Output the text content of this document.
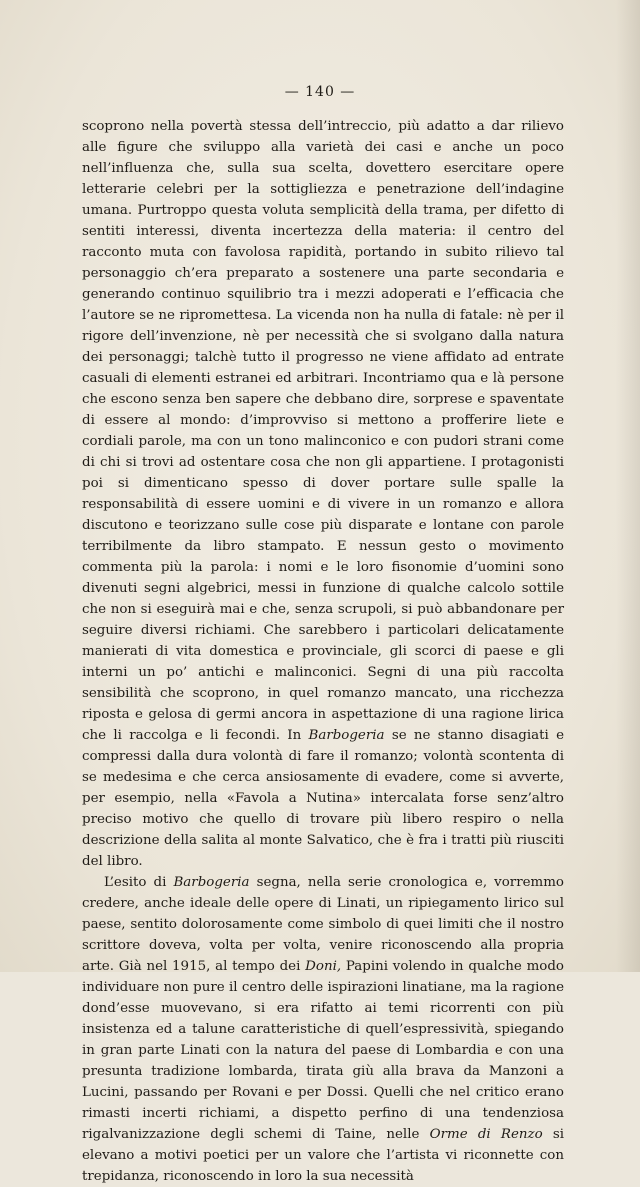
— 140 —

scoprono nella povertà stessa dell’intreccio, più adatto a dar rilievo alle figure che sviluppo alla varietà dei casi e anche un poco nell’influenza che, sulla sua scelta, dovettero esercitare opere letterarie celebri per la sottigliezza e penetrazione dell’indagine umana. Purtroppo questa voluta semplicità della trama, per difetto di sentiti interessi, diventa incertezza della materia: il centro del racconto muta con favolosa rapidità, portando in subito rilievo tal personaggio ch’era preparato a sostenere una parte secondaria e generando continuo squilibrio tra i mezzi adoperati e l’efficacia che l’autore se ne ripromettesa. La vicenda non ha nulla di fatale: nè per il rigore dell’invenzione, nè per necessità che si svolgano dalla natura dei personaggi; talchè tutto il progresso ne viene affidato ad entrate casuali di elementi estranei ed arbitrari. Incontriamo qua e là persone che escono senza ben sapere che debbano dire, sorprese e spaventate di essere al mondo: d’improvviso si mettono a profferire liete e cordiali parole, ma con un tono malinconico e con pudori strani come di chi si trovi ad ostentare cosa che non gli appartiene. I protagonisti poi si dimenticano spesso di dover portare sulle spalle la responsabilità di essere uomini e di vivere in un romanzo e allora discutono e teorizzano sulle cose più disparate e lontane con parole terribilmente da libro stampato. E nessun gesto o movimento commenta più la parola: i nomi e le loro fisonomie d’uomini sono divenuti segni algebrici, messi in funzione di qualche calcolo sottile che non si eseguirà mai e che, senza scrupoli, si può abbandonare per seguire diversi richiami. Che sarebbero i particolari delicatamente manierati di vita domestica e provinciale, gli scorci di paese e gli interni un po’ antichi e malinconici. Segni di una più raccolta sensibilità che scoprono, in quel romanzo mancato, una ricchezza riposta e gelosa di germi ancora in aspettazione di una ragione lirica che li raccolga e li fecondi. In Barbogeria se ne stanno disagiati e compressi dalla dura volontà di fare il romanzo; volontà scontenta di se medesima e che cerca ansiosamente di evadere, come si avverte, per esempio, nella «Favola a Nutina» intercalata forse senz’altro preciso motivo che quello di trovare più libero respiro o nella descrizione della salita al monte Salvatico, che è fra i tratti più riusciti del libro.

L’esito di Barbogeria segna, nella serie cronologica e, vorremmo credere, anche ideale delle opere di Linati, un ripiegamento lirico sul paese, sentito dolorosamente come simbolo di quei limiti che il nostro scrittore doveva, volta per volta, venire riconoscendo alla propria arte. Già nel 1915, al tempo dei Doni, Papini volendo in qualche modo individuare non pure il centro delle ispirazioni linatiane, ma la ragione dond’esse muovevano, si era rifatto ai temi ricorrenti con più insistenza ed a talune caratteristiche di quell’espressività, spiegando in gran parte Linati con la natura del paese di Lombardia e con una presunta tradizione lombarda, tirata giù alla brava da Manzoni a Lucini, passando per Rovani e per Dossi. Quelli che nel critico erano rimasti incerti richiami, a dispetto perfino di una tendenziosa rigalvanizzazione degli schemi di Taine, nelle Orme di Renzo si elevano a motivi poetici per un valore che l’artista vi riconnette con trepidanza, riconoscendo in loro la sua necessità
